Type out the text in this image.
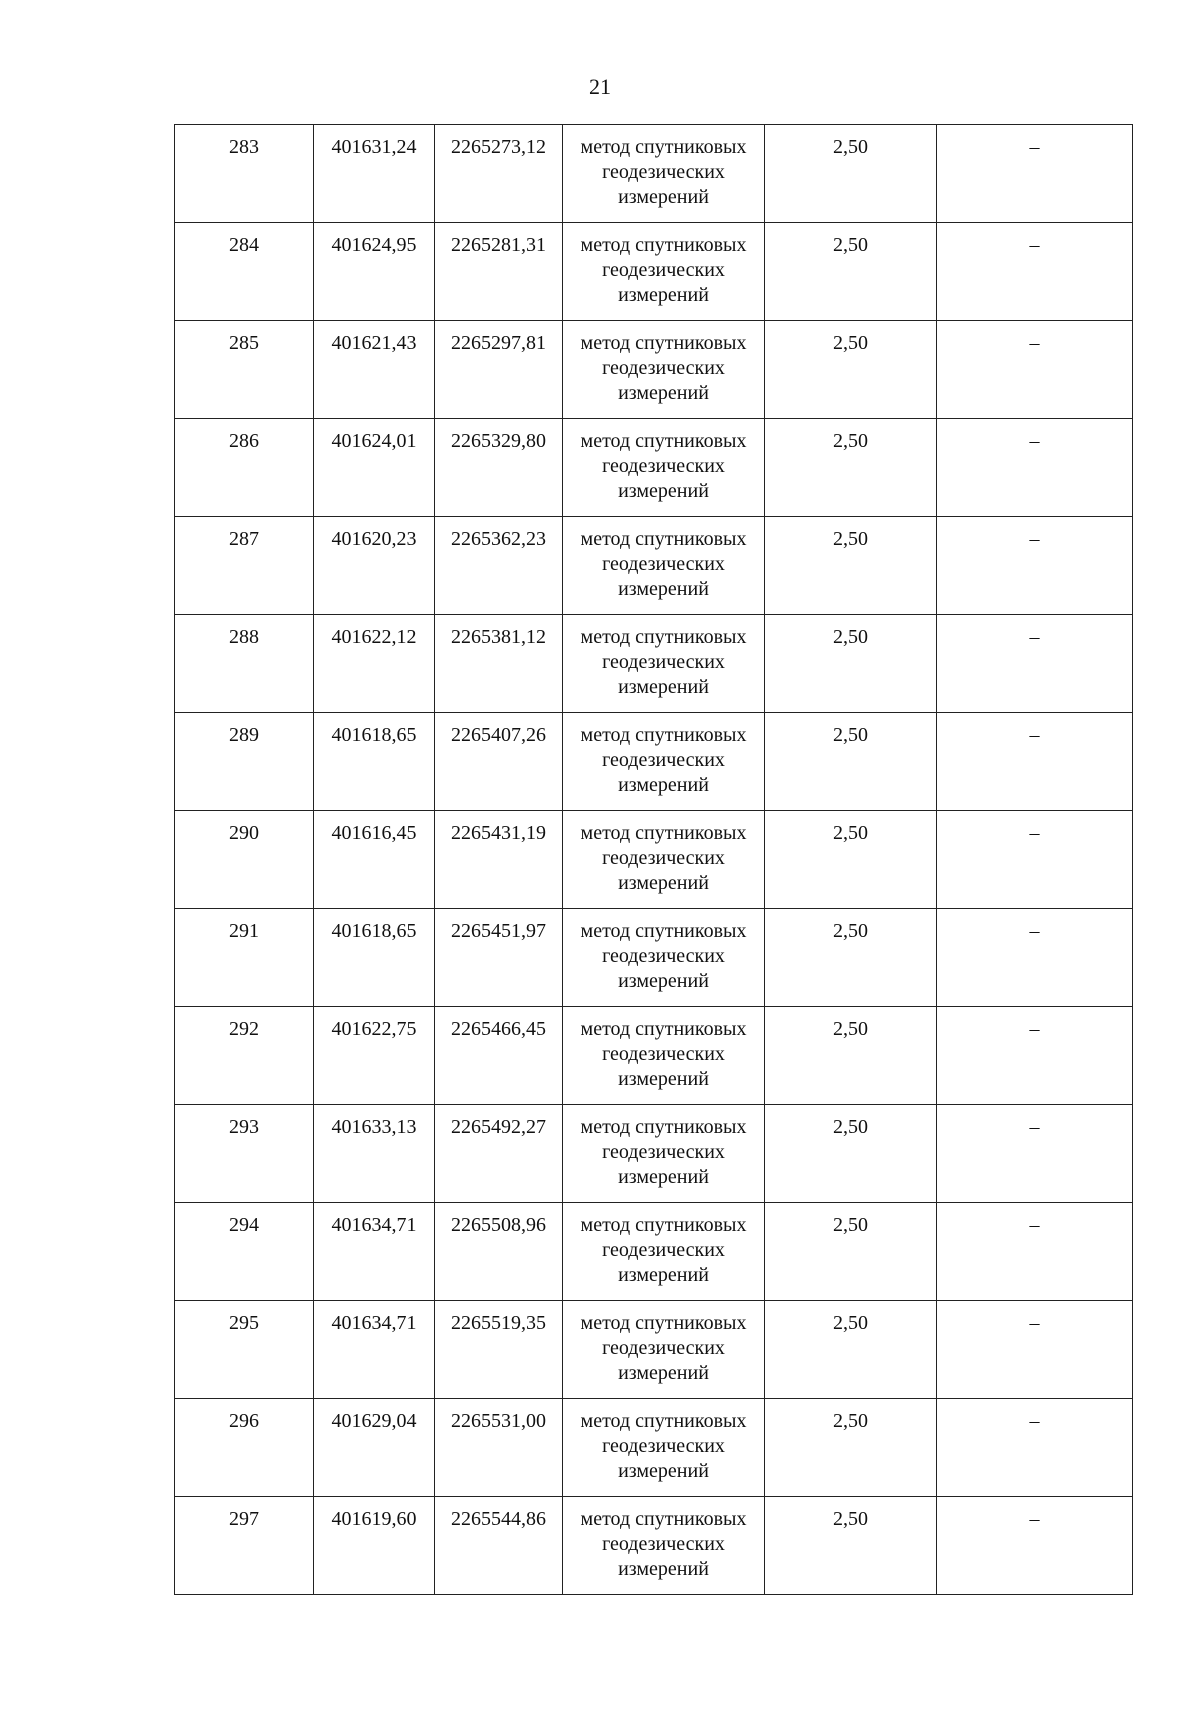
21
283	401631,24	2265273,12	метод спутниковых
геодезических
измерений	2,50	–
284	401624,95	2265281,31	метод спутниковых
геодезических
измерений	2,50	–
285	401621,43	2265297,81	метод спутниковых
геодезических
измерений	2,50	–
286	401624,01	2265329,80	метод спутниковых
геодезических
измерений	2,50	–
287	401620,23	2265362,23	метод спутниковых
геодезических
измерений	2,50	–
288	401622,12	2265381,12	метод спутниковых
геодезических
измерений	2,50	–
289	401618,65	2265407,26	метод спутниковых
геодезических
измерений	2,50	–
290	401616,45	2265431,19	метод спутниковых
геодезических
измерений	2,50	–
291	401618,65	2265451,97	метод спутниковых
геодезических
измерений	2,50	–
292	401622,75	2265466,45	метод спутниковых
геодезических
измерений	2,50	–
293	401633,13	2265492,27	метод спутниковых
геодезических
измерений	2,50	–
294	401634,71	2265508,96	метод спутниковых
геодезических
измерений	2,50	–
295	401634,71	2265519,35	метод спутниковых
геодезических
измерений	2,50	–
296	401629,04	2265531,00	метод спутниковых
геодезических
измерений	2,50	–
297	401619,60	2265544,86	метод спутниковых
геодезических
измерений	2,50	–
